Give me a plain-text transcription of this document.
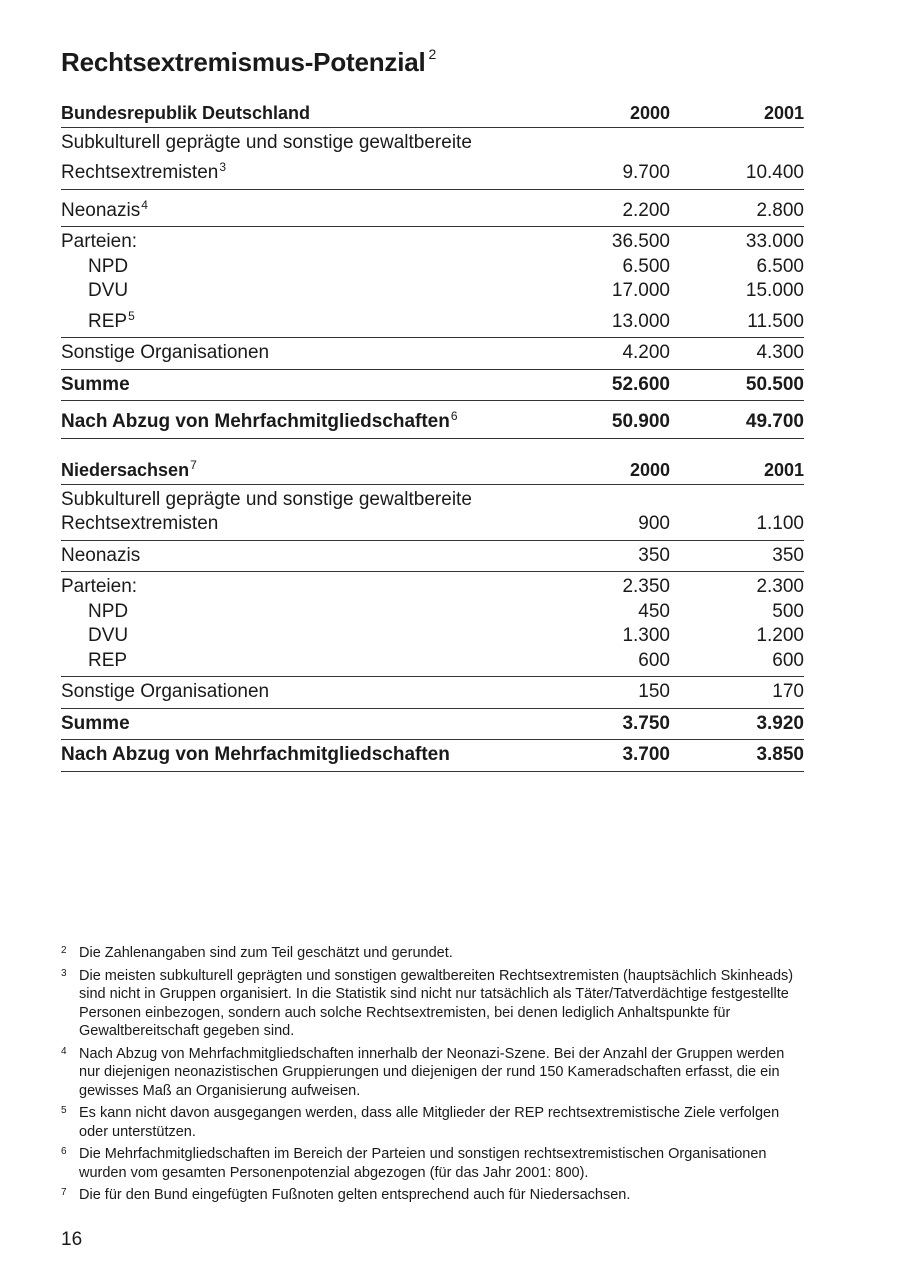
Rechtsextremismus-Potenzial $^2$
Bundesrepublik Deutschland	2000	2001
Subkulturell geprägte und sonstige gewaltbereite		
Rechtsextremisten$^3$	9.700	10.400
Neonazis$^4$	2.200	2.800
Parteien:	36.500	33.000
NPD	6.500	6.500
DVU	17.000	15.000
REP$^5$	13.000	11.500
Sonstige Organisationen	4.200	4.300
Summe	52.600	50.500
Nach Abzug von Mehrfachmitgliedschaften$^6$	50.900	49.700
Niedersachsen$^7$	2000	2001
Subkulturell geprägte und sonstige gewaltbereite		
Rechtsextremisten	900	1.100
Neonazis	350	350
Parteien:	2.350	2.300
NPD	450	500
DVU	1.300	1.200
REP	600	600
Sonstige Organisationen	150	170
Summe	3.750	3.920
Nach Abzug von Mehrfachmitgliedschaften	3.700	3.850
2 Die Zahlenangaben sind zum Teil geschätzt und gerundet.
3 Die meisten subkulturell geprägten und sonstigen gewaltbereiten Rechtsextremisten (hauptsächlich Skinheads) sind nicht in Gruppen organisiert. In die Statistik sind nicht nur tatsächlich als Täter/Tatverdächtige festgestellte Personen einbezogen, sondern auch solche Rechtsextremisten, bei denen lediglich Anhaltspunkte für Gewaltbereitschaft gegeben sind.
4 Nach Abzug von Mehrfachmitgliedschaften innerhalb der Neonazi-Szene. Bei der Anzahl der Gruppen werden nur diejenigen neonazistischen Gruppierungen und diejenigen der rund 150 Kameradschaften erfasst, die ein gewisses Maß an Organisierung aufweisen.
5 Es kann nicht davon ausgegangen werden, dass alle Mitglieder der REP rechtsextremistische Ziele verfolgen oder unterstützen.
6 Die Mehrfachmitgliedschaften im Bereich der Parteien und sonstigen rechtsextremistischen Organisationen wurden vom gesamten Personenpotenzial abgezogen (für das Jahr 2001: 800).
7 Die für den Bund eingefügten Fußnoten gelten entsprechend auch für Niedersachsen.
16
